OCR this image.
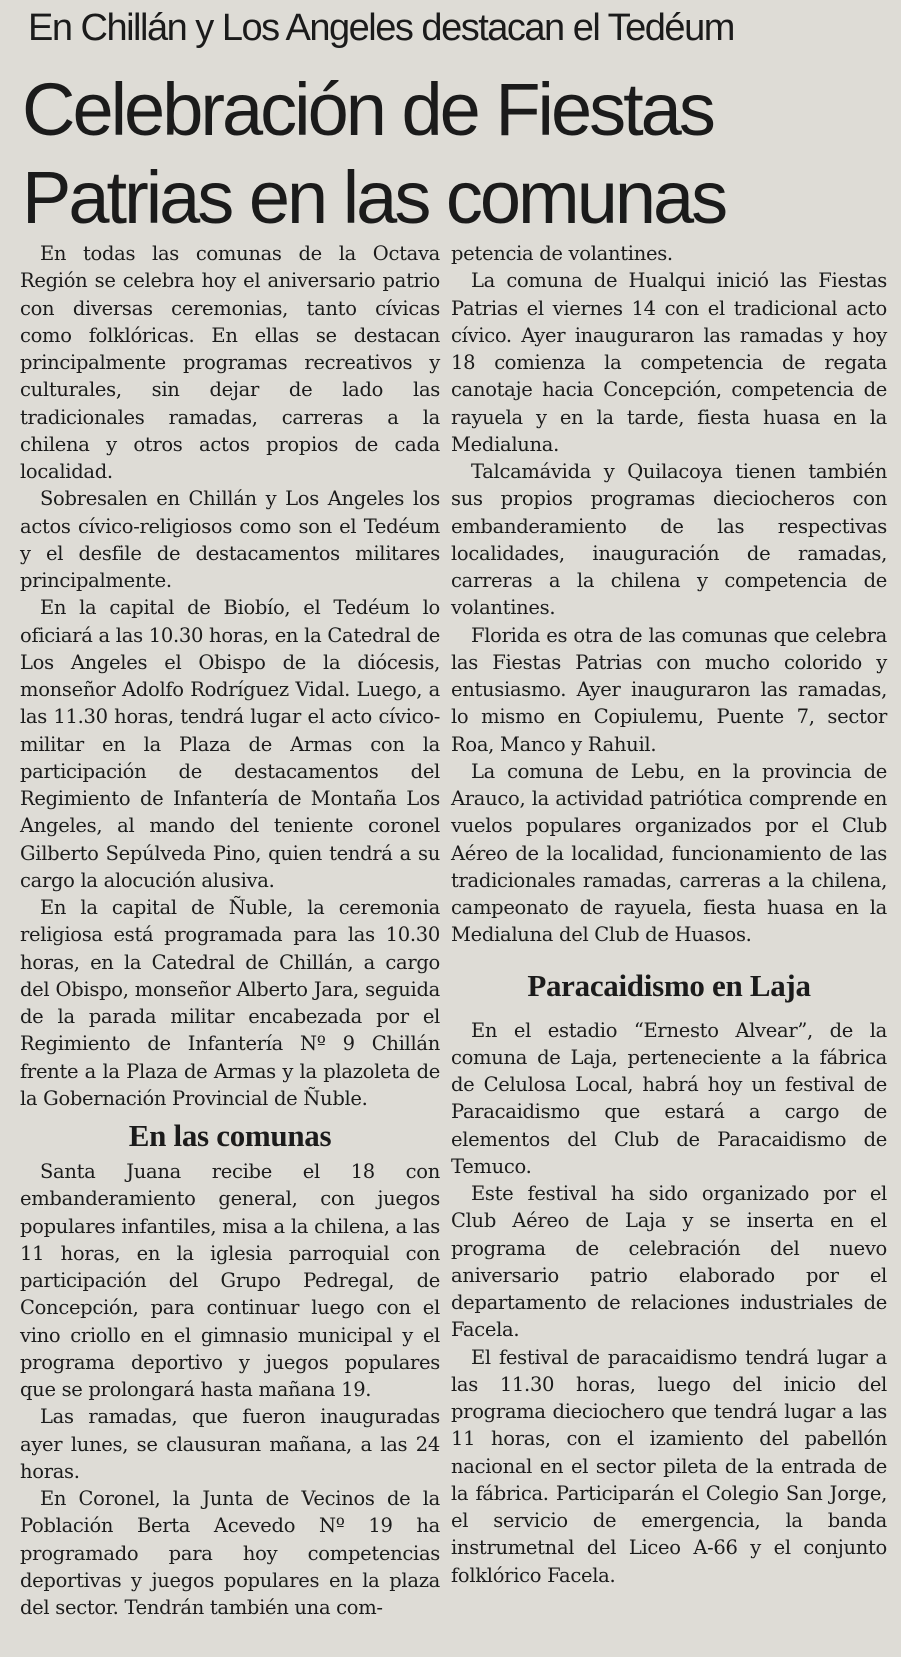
En Chillán y Los Angeles destacan el Tedéum
Celebración de Fiestas
Patrias en las comunas

En todas las comunas de la Octava Región se celebra hoy el aniversario patrio con diversas ceremonias, tanto cívicas como folklóricas. En ellas se destacan principalmente programas recreativos y culturales, sin dejar de lado las tradicionales ramadas, carreras a la chilena y otros actos propios de cada localidad.

Sobresalen en Chillán y Los Angeles los actos cívico-religiosos como son el Tedéum y el desfile de destacamentos militares principalmente.

En la capital de Biobío, el Tedéum lo oficiará a las 10.30 horas, en la Catedral de Los Angeles el Obispo de la diócesis, monseñor Adolfo Rodríguez Vidal. Luego, a las 11.30 horas, tendrá lugar el acto cívico-militar en la Plaza de Armas con la participación de destacamentos del Regimiento de Infantería de Montaña Los Angeles, al mando del teniente coronel Gilberto Sepúlveda Pino, quien tendrá a su cargo la alocución alusiva.

En la capital de Ñuble, la ceremonia religiosa está programada para las 10.30 horas, en la Catedral de Chillán, a cargo del Obispo, monseñor Alberto Jara, seguida de la parada militar encabezada por el Regimiento de Infantería Nº 9 Chillán frente a la Plaza de Armas y la plazoleta de la Gobernación Provincial de Ñuble.

En las comunas

Santa Juana recibe el 18 con embanderamiento general, con juegos populares infantiles, misa a la chilena, a las 11 horas, en la iglesia parroquial con participación del Grupo Pedregal, de Concepción, para continuar luego con el vino criollo en el gimnasio municipal y el programa deportivo y juegos populares que se prolongará hasta mañana 19.

Las ramadas, que fueron inauguradas ayer lunes, se clausuran mañana, a las 24 horas.

En Coronel, la Junta de Vecinos de la Población Berta Acevedo Nº 19 ha programado para hoy competencias deportivas y juegos populares en la plaza del sector. Tendrán también una com-

petencia de volantines.

La comuna de Hualqui inició las Fiestas Patrias el viernes 14 con el tradicional acto cívico. Ayer inauguraron las ramadas y hoy 18 comienza la competencia de regata canotaje hacia Concepción, competencia de rayuela y en la tarde, fiesta huasa en la Medialuna.

Talcamávida y Quilacoya tienen también sus propios programas dieciocheros con embanderamiento de las respectivas localidades, inauguración de ramadas, carreras a la chilena y competencia de volantines.

Florida es otra de las comunas que celebra las Fiestas Patrias con mucho colorido y entusiasmo. Ayer inauguraron las ramadas, lo mismo en Copiulemu, Puente 7, sector Roa, Manco y Rahuil.

La comuna de Lebu, en la provincia de Arauco, la actividad patriótica comprende en vuelos populares organizados por el Club Aéreo de la localidad, funcionamiento de las tradicionales ramadas, carreras a la chilena, campeonato de rayuela, fiesta huasa en la Medialuna del Club de Huasos.

Paracaidismo en Laja

En el estadio “Ernesto Alvear”, de la comuna de Laja, perteneciente a la fábrica de Celulosa Local, habrá hoy un festival de Paracaidismo que estará a cargo de elementos del Club de Paracaidismo de Temuco.

Este festival ha sido organizado por el Club Aéreo de Laja y se inserta en el programa de celebración del nuevo aniversario patrio elaborado por el departamento de relaciones industriales de Facela.

El festival de paracaidismo tendrá lugar a las 11.30 horas, luego del inicio del programa dieciochero que tendrá lugar a las 11 horas, con el izamiento del pabellón nacional en el sector pileta de la entrada de la fábrica. Participarán el Colegio San Jorge, el servicio de emergencia, la banda instrumetnal del Liceo A-66 y el conjunto folklórico Facela.
